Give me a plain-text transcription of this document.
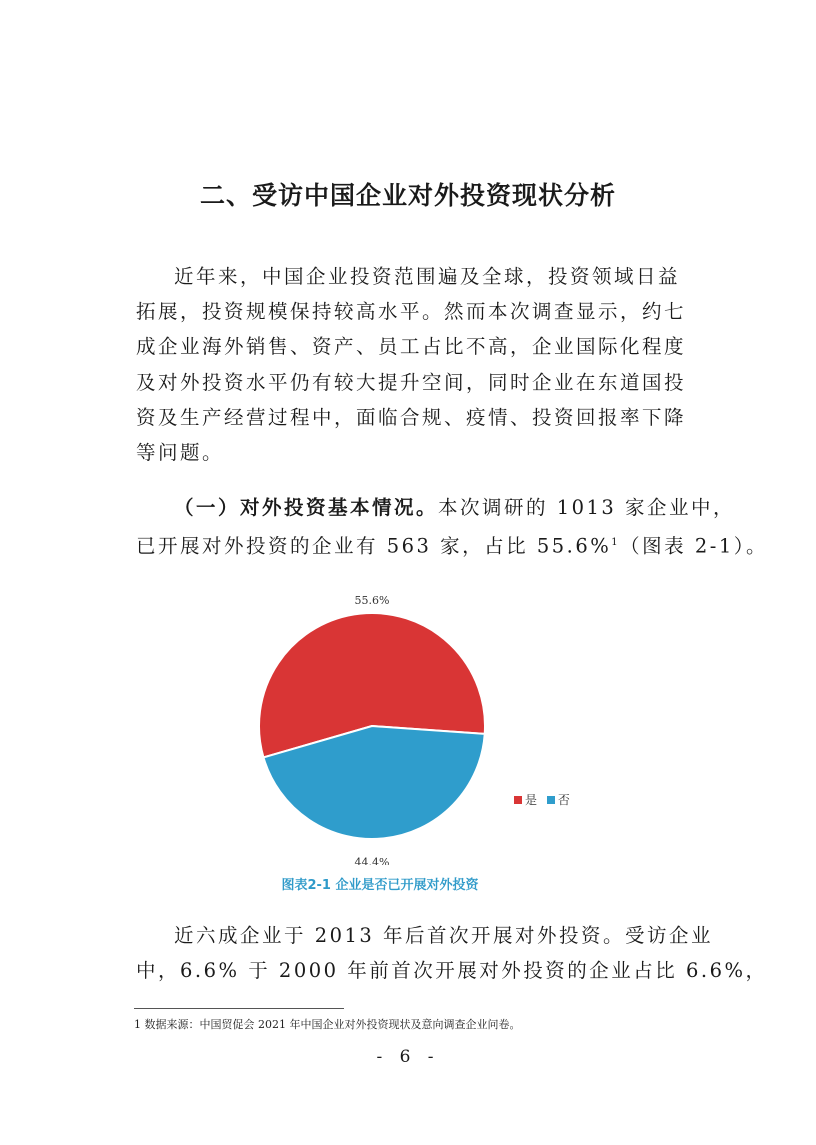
二、受访中国企业对外投资现状分析
近年来，中国企业投资范围遍及全球，投资领域日益
拓展，投资规模保持较高水平。然而本次调查显示，约七
成企业海外销售、资产、员工占比不高，企业国际化程度
及对外投资水平仍有较大提升空间，同时企业在东道国投
资及生产经营过程中，面临合规、疫情、投资回报率下降
等问题。
（一）对外投资基本情况。本次调研的 1013 家企业中，
已开展对外投资的企业有 563 家，占比 55.6%$^1$（图表 2-1）。
55.6%
44.4%
是 否
图表2-1 企业是否已开展对外投资
近六成企业于 2013 年后首次开展对外投资。受访企业
中，6.6% 于 2000 年前首次开展对外投资的企业占比 6.6%，
1 数据来源：中国贸促会 2021 年中国企业对外投资现状及意向调查企业问卷。
- 6 -
